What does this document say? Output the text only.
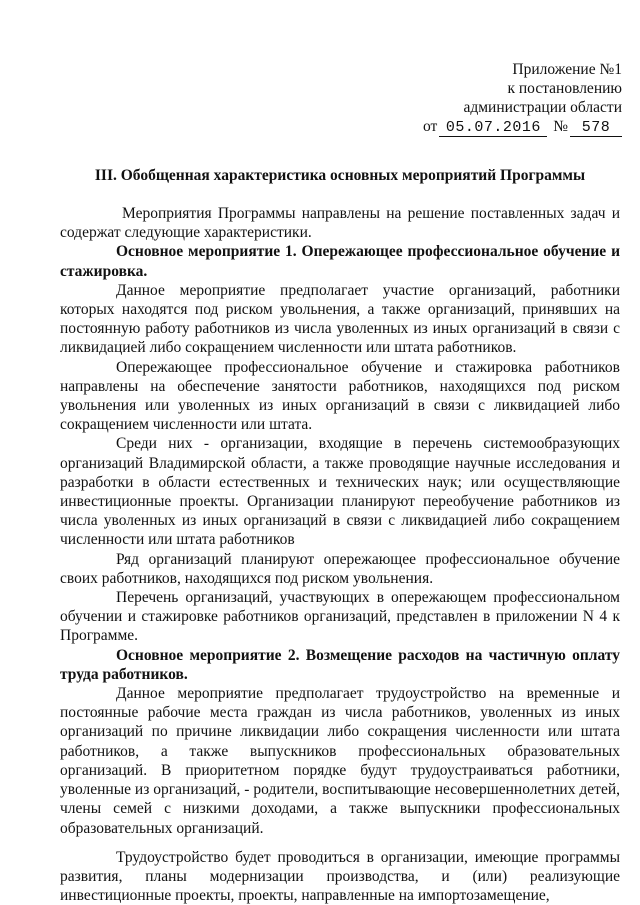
Приложение №1
к постановлению
администрации области
от 05.07.2016 № 578
III. Обобщенная характеристика основных мероприятий Программы

Мероприятия Программы направлены на решение поставленных задач и содержат следующие характеристики.

Основное мероприятие 1. Опережающее профессиональное обучение и стажировка.

Данное мероприятие предполагает участие организаций, работники которых находятся под риском увольнения, а также организаций, принявших на постоянную работу работников из числа уволенных из иных организаций в связи с ликвидацией либо сокращением численности или штата работников.

Опережающее профессиональное обучение и стажировка работников направлены на обеспечение занятости работников, находящихся под риском увольнения или уволенных из иных организаций в связи с ликвидацией либо сокращением численности или штата.

Среди них - организации, входящие в перечень системообразующих организаций Владимирской области, а также проводящие научные исследования и разработки в области естественных и технических наук; или осуществляющие инвестиционные проекты. Организации планируют переобучение работников из числа уволенных из иных организаций в связи с ликвидацией либо сокращением численности или штата работников

Ряд организаций планируют опережающее профессиональное обучение своих работников, находящихся под риском увольнения.

Перечень организаций, участвующих в опережающем профессиональном обучении и стажировке работников организаций, представлен в приложении N 4 к Программе.

Основное мероприятие 2. Возмещение расходов на частичную оплату труда работников.

Данное мероприятие предполагает трудоустройство на временные и постоянные рабочие места граждан из числа работников, уволенных из иных организаций по причине ликвидации либо сокращения численности или штата работников, а также выпускников профессиональных образовательных организаций. В приоритетном порядке будут трудоустраиваться работники, уволенные из организаций, - родители, воспитывающие несовершеннолетних детей, члены семей с низкими доходами, а также выпускники профессиональных образовательных организаций.

Трудоустройство будет проводиться в организации, имеющие программы развития, планы модернизации производства, и (или) реализующие инвестиционные проекты, проекты, направленные на импортозамещение,
